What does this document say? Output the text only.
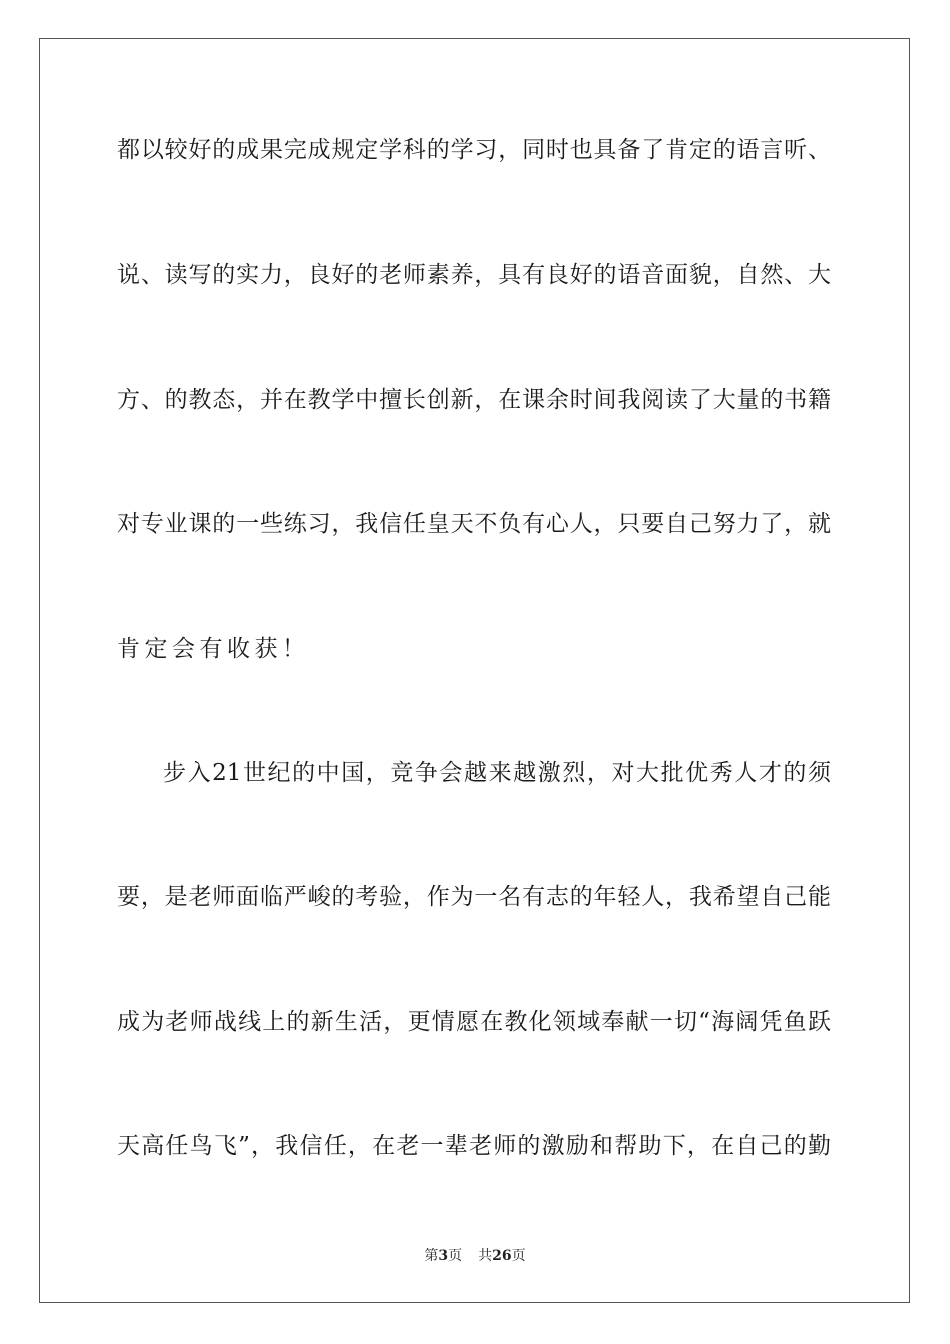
都以较好的成果完成规定学科的学习，同时也具备了肯定的语言听、
说、读写的实力，良好的老师素养，具有良好的语音面貌，自然、大
方、的教态，并在教学中擅长创新，在课余时间我阅读了大量的书籍
对专业课的一些练习，我信任皇天不负有心人，只要自己努力了，就
肯定会有收获！
步入21世纪的中国，竞争会越来越激烈，对大批优秀人才的须
要，是老师面临严峻的考验，作为一名有志的年轻人，我希望自己能
成为老师战线上的新生活，更情愿在教化领域奉献一切“海阔凭鱼跃
天高任鸟飞”，我信任，在老一辈老师的激励和帮助下，在自己的勤
第3页 共26页
